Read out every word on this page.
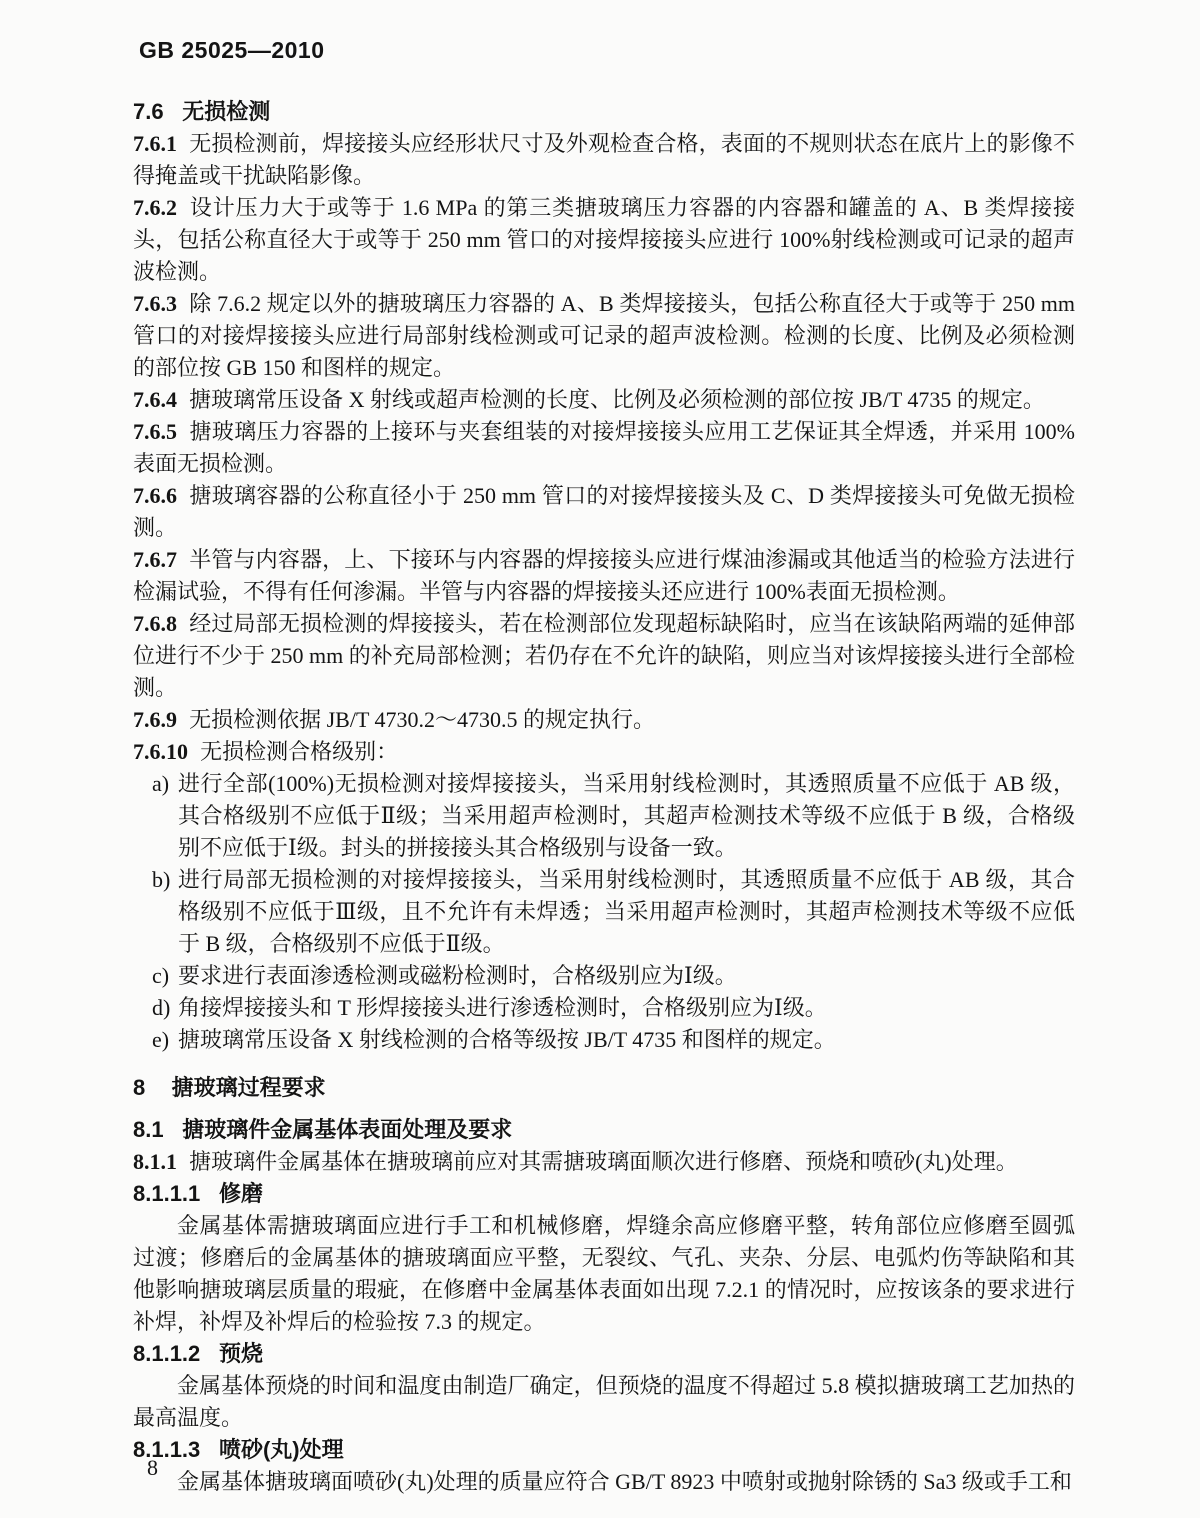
GB 25025—2010

7.6 无损检测

7.6.1 无损检测前，焊接接头应经形状尺寸及外观检查合格，表面的不规则状态在底片上的影像不得掩盖或干扰缺陷影像。

7.6.2 设计压力大于或等于 1.6 MPa 的第三类搪玻璃压力容器的内容器和罐盖的 A、B 类焊接接头，包括公称直径大于或等于 250 mm 管口的对接焊接接头应进行 100%射线检测或可记录的超声波检测。

7.6.3 除 7.6.2 规定以外的搪玻璃压力容器的 A、B 类焊接接头，包括公称直径大于或等于 250 mm 管口的对接焊接接头应进行局部射线检测或可记录的超声波检测。检测的长度、比例及必须检测的部位按 GB 150 和图样的规定。

7.6.4 搪玻璃常压设备 X 射线或超声检测的长度、比例及必须检测的部位按 JB/T 4735 的规定。

7.6.5 搪玻璃压力容器的上接环与夹套组装的对接焊接接头应用工艺保证其全焊透，并采用 100%表面无损检测。

7.6.6 搪玻璃容器的公称直径小于 250 mm 管口的对接焊接接头及 C、D 类焊接接头可免做无损检测。

7.6.7 半管与内容器，上、下接环与内容器的焊接接头应进行煤油渗漏或其他适当的检验方法进行检漏试验，不得有任何渗漏。半管与内容器的焊接接头还应进行 100%表面无损检测。

7.6.8 经过局部无损检测的焊接接头，若在检测部位发现超标缺陷时，应当在该缺陷两端的延伸部位进行不少于 250 mm 的补充局部检测；若仍存在不允许的缺陷，则应当对该焊接接头进行全部检测。

7.6.9 无损检测依据 JB/T 4730.2～4730.5 的规定执行。

7.6.10 无损检测合格级别：

a) 进行全部(100%)无损检测对接焊接接头，当采用射线检测时，其透照质量不应低于 AB 级，其合格级别不应低于Ⅱ级；当采用超声检测时，其超声检测技术等级不应低于 B 级，合格级别不应低于Ⅰ级。封头的拼接接头其合格级别与设备一致。
b) 进行局部无损检测的对接焊接接头，当采用射线检测时，其透照质量不应低于 AB 级，其合格级别不应低于Ⅲ级，且不允许有未焊透；当采用超声检测时，其超声检测技术等级不应低于 B 级，合格级别不应低于Ⅱ级。
c) 要求进行表面渗透检测或磁粉检测时，合格级别应为Ⅰ级。
d) 角接焊接接头和 T 形焊接接头进行渗透检测时，合格级别应为Ⅰ级。
e) 搪玻璃常压设备 X 射线检测的合格等级按 JB/T 4735 和图样的规定。

8 搪玻璃过程要求

8.1 搪玻璃件金属基体表面处理及要求

8.1.1 搪玻璃件金属基体在搪玻璃前应对其需搪玻璃面顺次进行修磨、预烧和喷砂(丸)处理。

8.1.1.1 修磨

金属基体需搪玻璃面应进行手工和机械修磨，焊缝余高应修磨平整，转角部位应修磨至圆弧过渡；修磨后的金属基体的搪玻璃面应平整，无裂纹、气孔、夹杂、分层、电弧灼伤等缺陷和其他影响搪玻璃层质量的瑕疵，在修磨中金属基体表面如出现 7.2.1 的情况时，应按该条的要求进行补焊，补焊及补焊后的检验按 7.3 的规定。

8.1.1.2 预烧

金属基体预烧的时间和温度由制造厂确定，但预烧的温度不得超过 5.8 模拟搪玻璃工艺加热的最高温度。

8.1.1.3 喷砂(丸)处理

金属基体搪玻璃面喷砂(丸)处理的质量应符合 GB/T 8923 中喷射或抛射除锈的 Sa3 级或手工和

8
